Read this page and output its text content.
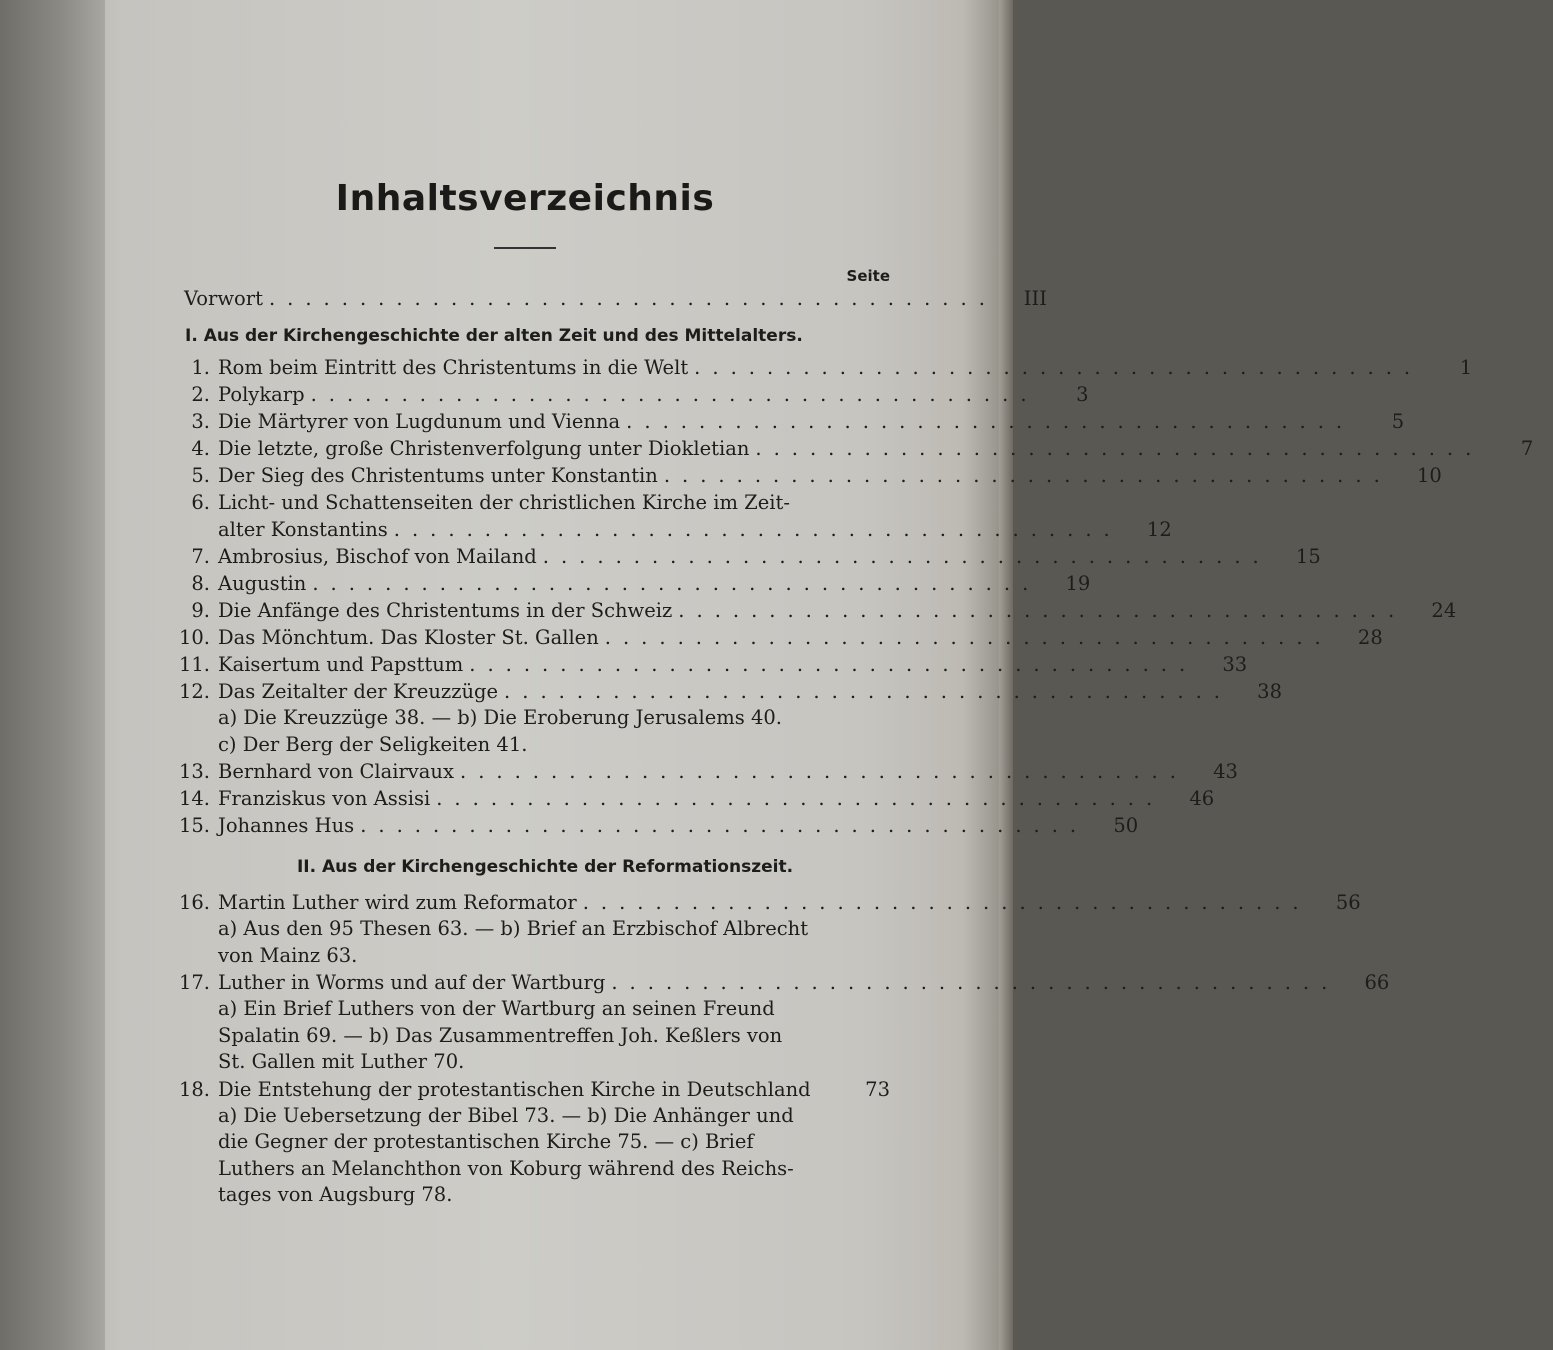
Inhaltsverzeichnis
Seite
Vorwort ........................................	III
I. Aus der Kirchengeschichte der alten Zeit und des Mittelalters.
1. Rom beim Eintritt des Christentums in die Welt ........................................	1
2. Polykarp ........................................	3
3. Die Märtyrer von Lugdunum und Vienna ........................................	5
4. Die letzte, große Christenverfolgung unter Diokletian ........................................	7
5. Der Sieg des Christentums unter Konstantin ........................................	10
6. Licht- und Schattenseiten der christlichen Kirche im Zeit-
alter Konstantins ........................................	12
7. Ambrosius, Bischof von Mailand ........................................	15
8. Augustin ........................................	19
9. Die Anfänge des Christentums in der Schweiz ........................................	24
10. Das Mönchtum. Das Kloster St. Gallen ........................................	28
11. Kaisertum und Papsttum ........................................	33
12. Das Zeitalter der Kreuzzüge ........................................	38
a) Die Kreuzzüge 38. — b) Die Eroberung Jerusalems 40.
c) Der Berg der Seligkeiten 41.
13. Bernhard von Clairvaux ........................................	43
14. Franziskus von Assisi ........................................	46
15. Johannes Hus ........................................	50
II. Aus der Kirchengeschichte der Reformationszeit.
16. Martin Luther wird zum Reformator ........................................	56
a) Aus den 95 Thesen 63. — b) Brief an Erzbischof Albrecht
von Mainz 63.
17. Luther in Worms und auf der Wartburg ........................................	66
a) Ein Brief Luthers von der Wartburg an seinen Freund
Spalatin 69. — b) Das Zusammentreffen Joh. Keßlers von
St. Gallen mit Luther 70.
18. Die Entstehung der protestantischen Kirche in Deutschland	73
a) Die Uebersetzung der Bibel 73. — b) Die Anhänger und
die Gegner der protestantischen Kirche 75. — c) Brief
Luthers an Melanchthon von Koburg während des Reichs-
tages von Augsburg 78.
